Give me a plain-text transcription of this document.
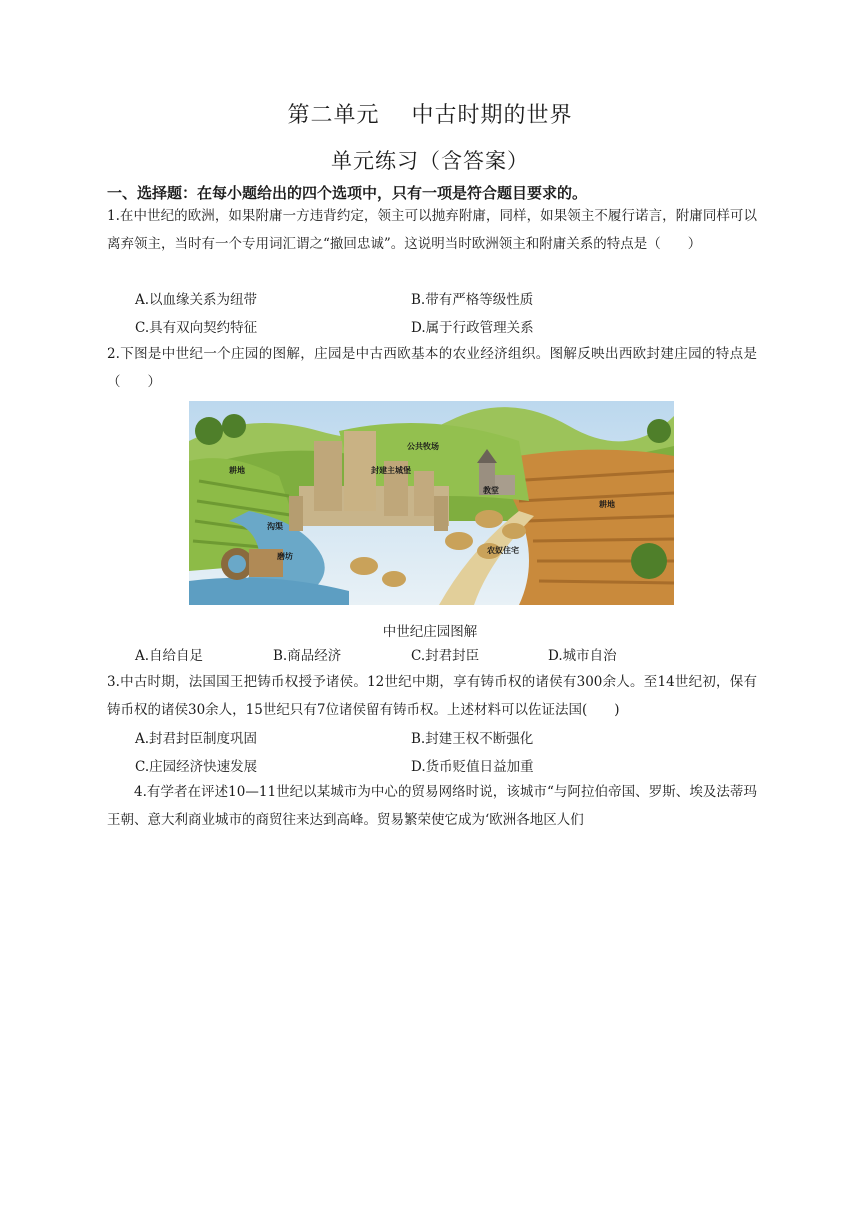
第二单元    中古时期的世界
单元练习（含答案）
一、选择题：在每小题给出的四个选项中，只有一项是符合题目要求的。
1.在中世纪的欧洲，如果附庸一方违背约定，领主可以抛弃附庸，同样，如果领主不履行诺言，附庸同样可以离弃领主，当时有一个专用词汇谓之“撤回忠诚”。这说明当时欧洲领主和附庸关系的特点是（　　）
A.以血缘关系为纽带	B.带有严格等级性质
C.具有双向契约特征	D.属于行政管理关系
2.下图是中世纪一个庄园的图解，庄园是中古西欧基本的农业经济组织。图解反映出西欧封建庄园的特点是（　　）
耕地
公共牧场
封建主城堡
教堂
沟渠
耕地
磨坊
农奴住宅
中世纪庄园图解
A.自给自足	B.商品经济	C.封君封臣	D.城市自治
3.中古时期，法国国王把铸币权授予诸侯。12世纪中期，享有铸币权的诸侯有300余人。至14世纪初，保有铸币权的诸侯30余人，15世纪只有7位诸侯留有铸币权。上述材料可以佐证法国(　　)
A.封君封臣制度巩固	B.封建王权不断强化
C.庄园经济快速发展	D.货币贬值日益加重
4.有学者在评述10—11世纪以某城市为中心的贸易网络时说，该城市“与阿拉伯帝国、罗斯、埃及法蒂玛王朝、意大利商业城市的商贸往来达到高峰。贸易繁荣使它成为‘欧洲各地区人们
